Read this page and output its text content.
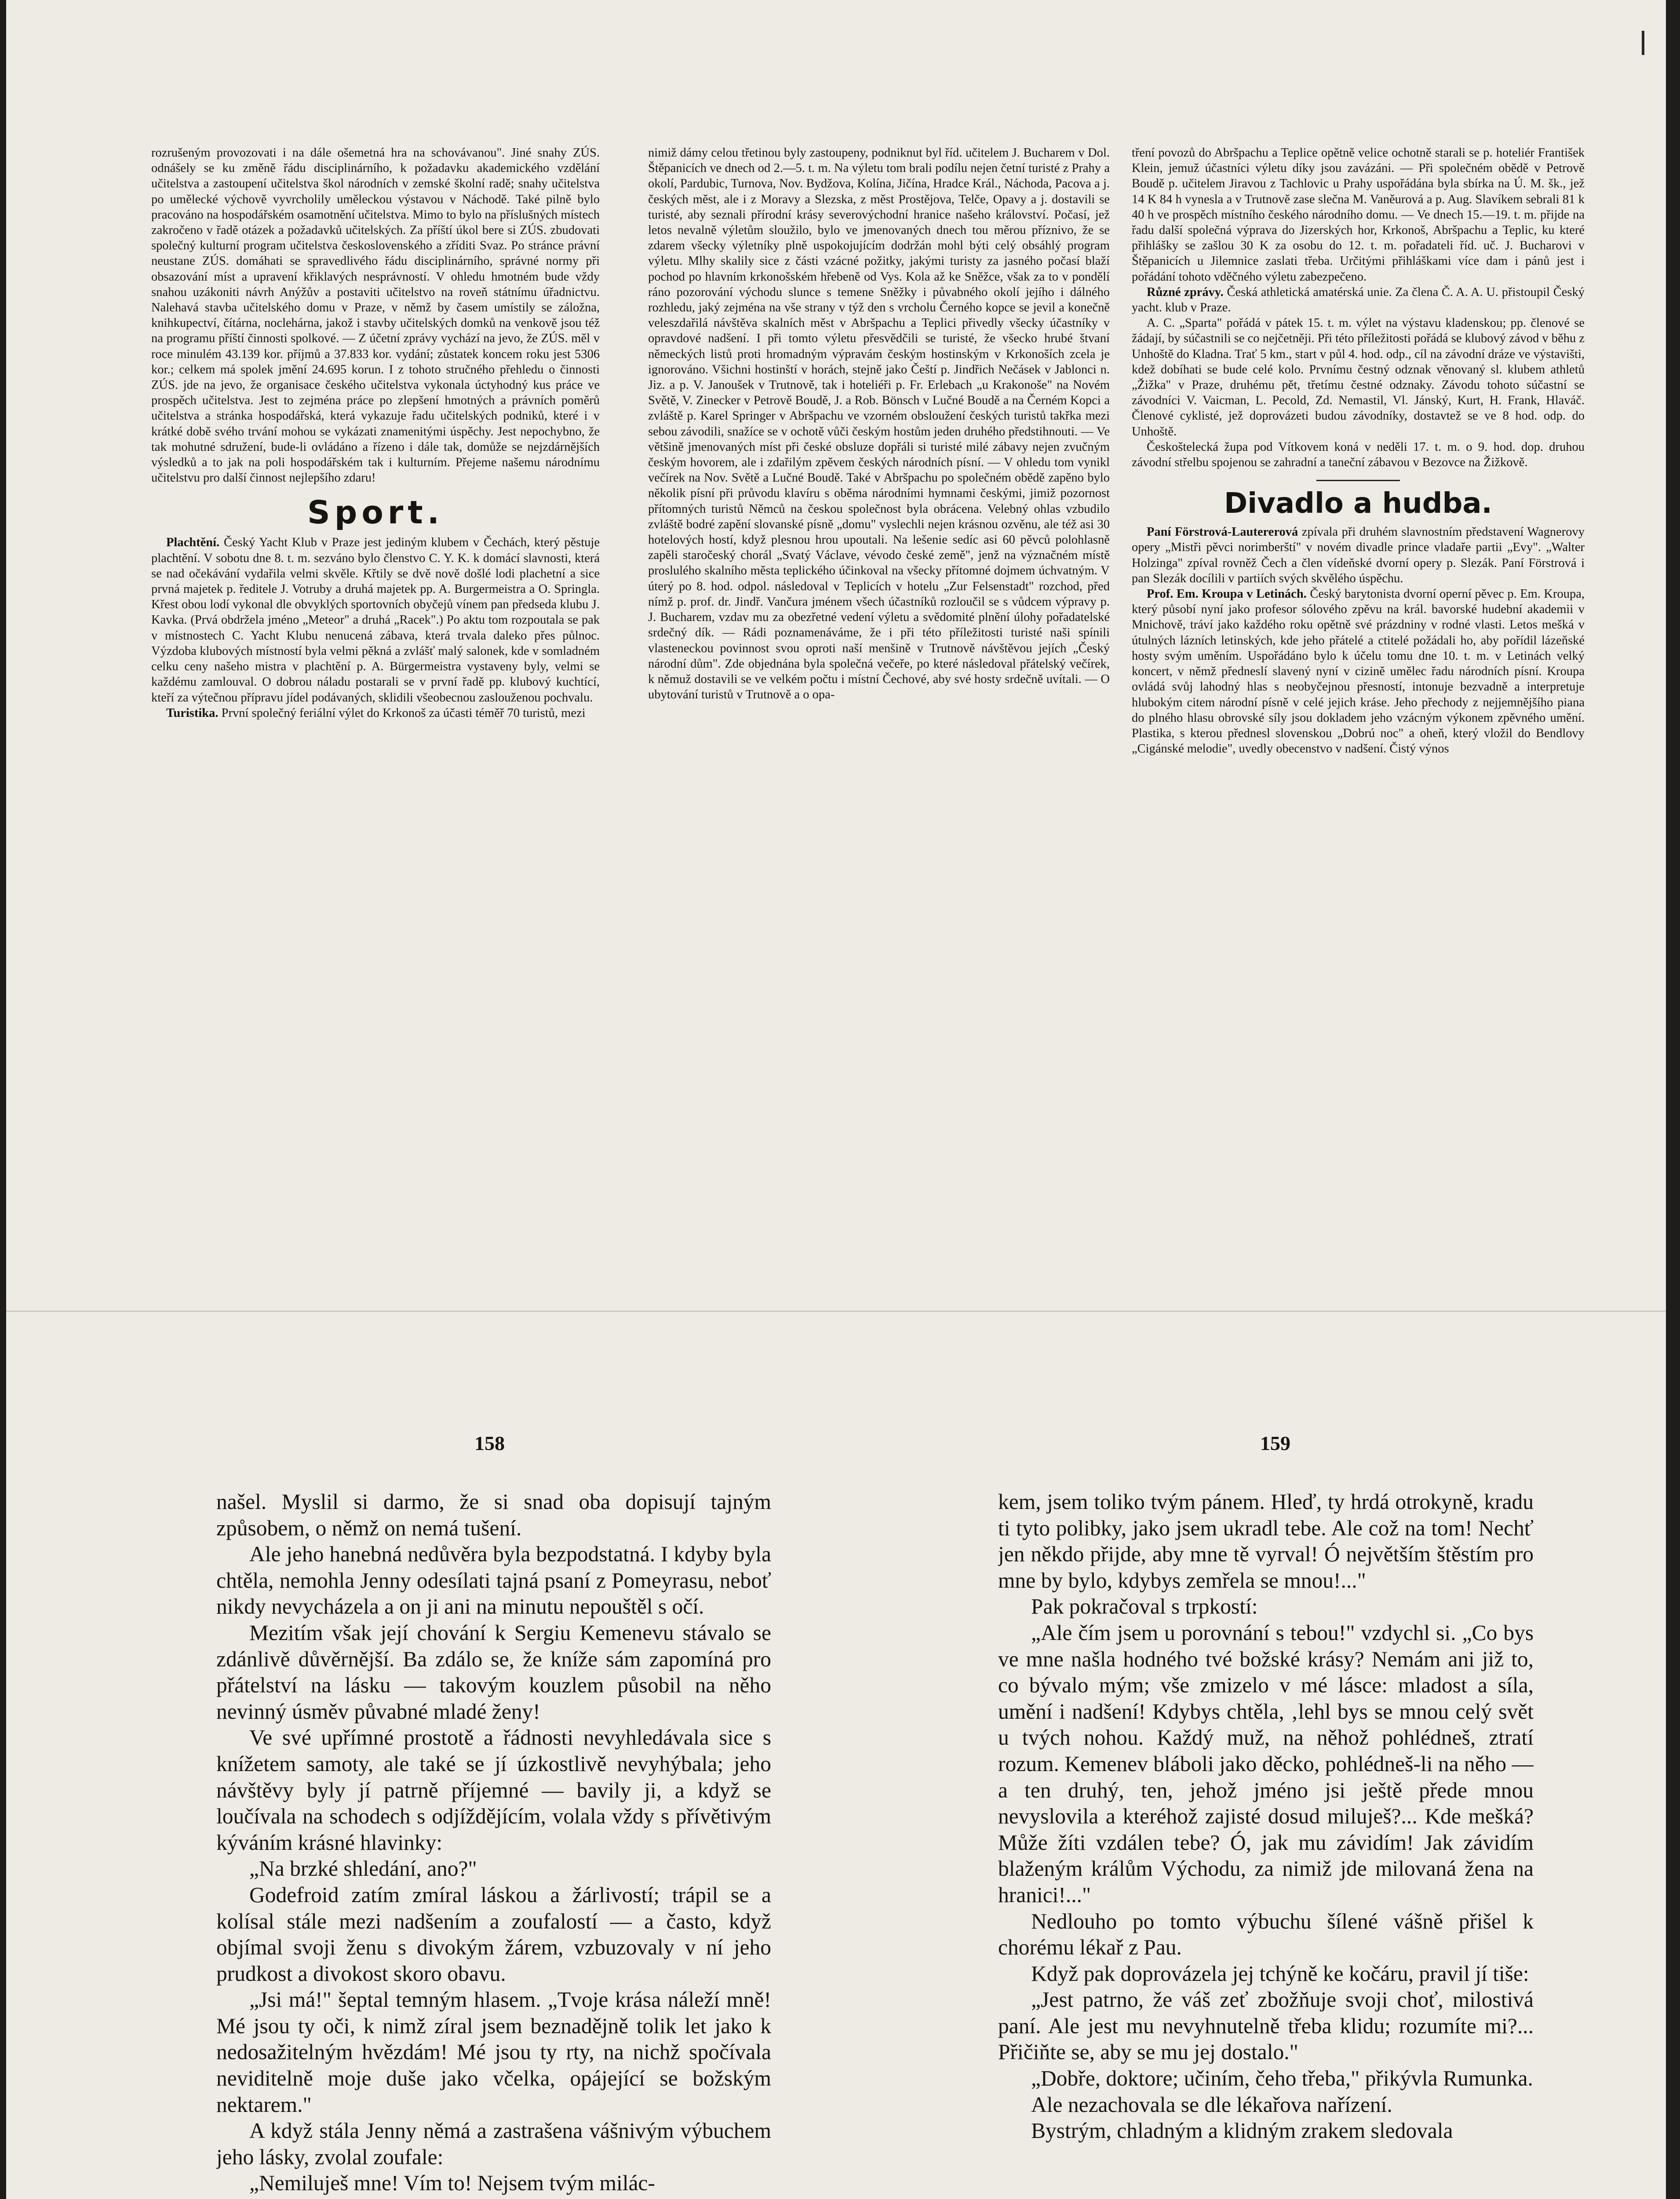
rozrušeným provozovati i na dále ošemetná hra na schovávanou". Jiné snahy ZÚS. odnášely se ku změně řádu disciplinárního, k požadavku akademického vzdělání učitelstva a zastoupení učitelstva škol národních v zemské školní radě; snahy učitelstva po umělecké výchově vyvrcholily uměleckou výstavou v Náchodě. Také pilně bylo pracováno na hospodářském osamotnění učitelstva. Mimo to bylo na příslušných místech zakročeno v řadě otázek a požadavků učitelských. Za příští úkol bere si ZÚS. zbudovati společný kulturní program učitelstva československého a zříditi Svaz. Po stránce právní neustane ZÚS. domáhati se spravedlivého řádu disciplinárního, správné normy při obsazování míst a upravení křiklavých nesprávností. V ohledu hmotném bude vždy snahou uzákoniti návrh Anýžův a postaviti učitelstvo na roveň státnímu úřadnictvu. Nalehavá stavba učitelského domu v Praze, v němž by časem umístily se záložna, knihkupectví, čítárna, noclehárna, jakož i stavby učitelských domků na venkově jsou též na programu příští činnosti spolkové. — Z účetní zprávy vychází na jevo, že ZÚS. měl v roce minulém 43.139 kor. příjmů a 37.833 kor. vydání; zůstatek koncem roku jest 5306 kor.; celkem má spolek jmění 24.695 korun. I z tohoto stručného přehledu o činnosti ZÚS. jde na jevo, že organisace českého učitelstva vykonala úctyhodný kus práce ve prospěch učitelstva. Jest to zejména práce po zlepšení hmotných a právních poměrů učitelstva a stránka hospodářská, která vykazuje řadu učitelských podniků, které i v krátké době svého trvání mohou se vykázati znamenitými úspěchy. Jest nepochybno, že tak mohutné sdružení, bude-li ovládáno a řízeno i dále tak, domůže se nejzdárnějších výsledků a to jak na poli hospodářském tak i kulturním. Přejeme našemu národnímu učitelstvu pro další činnost nejlepšího zdaru!

Sport.

Plachtění. Český Yacht Klub v Praze jest jediným klubem v Čechách, který pěstuje plachtění. V sobotu dne 8. t. m. sezváno bylo členstvo C. Y. K. k domácí slavnosti, která se nad očekávání vydařila velmi skvěle. Křtily se dvě nově došlé lodi plachetní a sice prvná majetek p. ředitele J. Votruby a druhá majetek pp. A. Burgermeistra a O. Springla. Křest obou lodí vykonal dle obvyklých sportovních obyčejů vínem pan předseda klubu J. Kavka. (Prvá obdržela jméno „Meteor" a druhá „Racek".) Po aktu tom rozpoutala se pak v místnostech C. Yacht Klubu nenucená zábava, která trvala daleko přes půlnoc. Výzdoba klubových místností byla velmi pěkná a zvlášť malý salonek, kde v somladném celku ceny našeho mistra v plachtění p. A. Bürgermeistra vystaveny byly, velmi se každému zamlouval. O dobrou náladu postarali se v první řadě pp. klubový kuchtící, kteří za výtečnou přípravu jídel podávaných, sklidili všeobecnou zaslouženou pochvalu.

Turistika. První společný feriální výlet do Krkonoš za účasti téměř 70 turistů, mezi

nimiž dámy celou třetinou byly zastoupeny, podniknut byl říd. učitelem J. Bucharem v Dol. Štěpanicích ve dnech od 2.—5. t. m. Na výletu tom brali podílu nejen četní turisté z Prahy a okolí, Pardubic, Turnova, Nov. Bydžova, Kolína, Jičína, Hradce Král., Náchoda, Pacova a j. českých měst, ale i z Moravy a Slezska, z měst Prostějova, Telče, Opavy a j. dostavili se turisté, aby seznali přírodní krásy severovýchodní hranice našeho království. Počasí, jež letos nevalně výletům sloužilo, bylo ve jmenovaných dnech tou měrou příznivo, že se zdarem všecky výletníky plně uspokojujícím dodržán mohl býti celý obsáhlý program výletu. Mlhy skalily sice z části vzácné požitky, jakými turisty za jasného počasí blaží pochod po hlavním krkonošském hřebeně od Vys. Kola až ke Sněžce, však za to v pondělí ráno pozorování východu slunce s temene Sněžky i půvabného okolí jejího i dálného rozhledu, jaký zejména na vše strany v týž den s vrcholu Černého kopce se jevil a konečně veleszdařilá návštěva skalních měst v Abršpachu a Teplici přivedly všecky účastníky v opravdové nadšení. I při tomto výletu přesvědčili se turisté, že všecko hrubé štvaní německých listů proti hromadným výpravám českým hostinským v Krkonoších zcela je ignorováno. Všichni hostinští v horách, stejně jako Čeští p. Jindřich Nečásek v Jablonci n. Jiz. a p. V. Janoušek v Trutnově, tak i hoteliéři p. Fr. Erlebach „u Krakonoše" na Novém Světě, V. Zinecker v Petrově Boudě, J. a Rob. Bönsch v Lučné Boudě a na Černém Kopci a zvláště p. Karel Springer v Abršpachu ve vzorném obsloužení českých turistů takřka mezi sebou závodili, snažíce se v ochotě vůči českým hostům jeden druhého předstihnouti. — Ve většině jmenovaných míst při české obsluze dopřáli si turisté milé zábavy nejen zvučným českým hovorem, ale i zdařilým zpěvem českých národních písní. — V ohledu tom vynikl večírek na Nov. Světě a Lučné Boudě. Také v Abršpachu po společném obědě zapěno bylo několik písní při průvodu klavíru s oběma národními hymnami českými, jimiž pozornost přítomných turistů Němců na českou společnost byla obrácena. Velebný ohlas vzbudilo zvláště bodré zapění slovanské písně „domu" vyslechli nejen krásnou ozvěnu, ale též asi 30 hotelových hostí, když plesnou hrou upoutali. Na lešenie sedíc asi 60 pěvců polohlasně zapěli staročeský chorál „Svatý Václave, vévodo české země", jenž na význačném místě proslulého skalního města teplického účinkoval na všecky přítomné dojmem úchvatným. V úterý po 8. hod. odpol. následoval v Teplicích v hotelu „Zur Felsenstadt" rozchod, před nímž p. prof. dr. Jindř. Vančura jménem všech účastníků rozloučil se s vůdcem výpravy p. J. Bucharem, vzdav mu za obezřetné vedení výletu a svědomité plnění úlohy pořadatelské srdečný dík. — Rádi poznamenáváme, že i při této příležitosti turisté naši spínili vlasteneckou povinnost svou oproti naší menšině v Trutnově návštěvou jejích „Český národní dům". Zde objednána byla společná večeře, po které následoval přátelský večírek, k němuž dostavili se ve velkém počtu i místní Čechové, aby své hosty srdečně uvítali. — O ubytování turistů v Trutnově a o opa-

tření povozů do Abršpachu a Teplice opětně velice ochotně starali se p. hoteliér František Klein, jemuž účastníci výletu díky jsou zavázáni. — Při společném obědě v Petrově Boudě p. učitelem Jiravou z Tachlovic u Prahy uspořádána byla sbírka na Ú. M. šk., jež 14 K 84 h vynesla a v Trutnově zase slečna M. Vaněurová a p. Aug. Slavíkem sebrali 81 k 40 h ve prospěch místního českého národního domu. — Ve dnech 15.—19. t. m. přijde na řadu další společná výprava do Jizerských hor, Krkonoš, Abršpachu a Teplic, ku které přihlášky se zašlou 30 K za osobu do 12. t. m. pořadateli říd. uč. J. Bucharovi v Štěpanicích u Jilemnice zaslati třeba. Určitými přihláškami více dam i pánů jest i pořádání tohoto vděčného výletu zabezpečeno.

Různé zprávy. Česká athletická amatérská unie. Za člena Č. A. A. U. přistoupil Český yacht. klub v Praze.

A. C. „Sparta" pořádá v pátek 15. t. m. výlet na výstavu kladenskou; pp. členové se žádají, by súčastnili se co nejčetněji. Při této příležitosti pořádá se klubový závod v běhu z Unhoště do Kladna. Trať 5 km., start v půl 4. hod. odp., cíl na závodní dráze ve výstavišti, kdež dobíhati se bude celé kolo. Prvnímu čestný odznak věnovaný sl. klubem athletů „Žižka" v Praze, druhému pět, třetímu čestné odznaky. Závodu tohoto súčastní se závodníci V. Vaicman, L. Pecold, Zd. Nemastil, Vl. Jánský, Kurt, H. Frank, Hlaváč. Členové cyklisté, jež doprovázeti budou závodníky, dostavtež se ve 8 hod. odp. do Unhoště.

Českoštelecká župa pod Vítkovem koná v neděli 17. t. m. o 9. hod. dop. druhou závodní střelbu spojenou se zahradní a taneční zábavou v Bezovce na Žižkově.

Divadlo a hudba.

Paní Förstrová-Lautererová zpívala při druhém slavnostním představení Wagnerovy opery „Mistři pěvci norimberští" v novém divadle prince vladaře partii „Evy". „Walter Holzinga" zpíval rovněž Čech a člen vídeňské dvorní opery p. Slezák. Paní Förstrová i pan Slezák docílili v partiích svých skvělého úspěchu.

Prof. Em. Kroupa v Letinách. Český barytonista dvorní operní pěvec p. Em. Kroupa, který působí nyní jako profesor sólového zpěvu na král. bavorské hudební akademii v Mnichově, tráví jako každého roku opětně své prázdniny v rodné vlasti. Letos mešká v útulných lázních letinských, kde jeho přátelé a ctitelé požádali ho, aby pořídil lázeňské hosty svým uměním. Uspořádáno bylo k účelu tomu dne 10. t. m. v Letinách velký koncert, v němž předneslí slavený nyní v cizině umělec řadu národních písní. Kroupa ovládá svůj lahodný hlas s neobyčejnou přesností, intonuje bezvadně a interpretuje hlubokým citem národní písně v celé jejich kráse. Jeho přechody z nejjemnějšího piana do plného hlasu obrovské síly jsou dokladem jeho vzácným výkonem zpěvného umění. Plastika, s kterou přednesl slovenskou „Dobrú noc" a oheň, který vložil do Bendlovy „Cigánské melodie", uvedly obecenstvo v nadšení. Čistý výnos

158	159

našel. Myslil si darmo, že si snad oba dopisují tajným způsobem, o němž on nemá tušení.

Ale jeho hanebná nedůvěra byla bezpodstatná. I kdyby byla chtěla, nemohla Jenny odesílati tajná psaní z Pomeyrasu, neboť nikdy nevycházela a on ji ani na minutu nepouštěl s očí.

Mezitím však její chování k Sergiu Kemenevu stávalo se zdánlivě důvěrnější. Ba zdálo se, že kníže sám zapomíná pro přátelství na lásku — takovým kouzlem působil na něho nevinný úsměv půvabné mladé ženy!

Ve své upřímné prostotě a řádnosti nevyhledávala sice s knížetem samoty, ale také se jí úzkostlivě nevyhýbala; jeho návštěvy byly jí patrně příjemné — bavily ji, a když se loučívala na schodech s odjíždějícím, volala vždy s přívětivým kýváním krásné hlavinky:

„Na brzké shledání, ano?"

Godefroid zatím zmíral láskou a žárlivostí; trápil se a kolísal stále mezi nadšením a zoufalostí — a často, když objímal svoji ženu s divokým žárem, vzbuzovaly v ní jeho prudkost a divokost skoro obavu.

„Jsi má!" šeptal temným hlasem. „Tvoje krása náleží mně! Mé jsou ty oči, k nimž zíral jsem beznadějně tolik let jako k nedosažitelným hvězdám! Mé jsou ty rty, na nichž spočívala neviditelně moje duše jako včelka, opájející se božským nektarem."

A když stála Jenny němá a zastrašena vášnivým výbuchem jeho lásky, zvolal zoufale:

„Nemiluješ mne! Vím to! Nejsem tvým milác-

kem, jsem toliko tvým pánem. Hleď, ty hrdá otrokyně, kradu ti tyto polibky, jako jsem ukradl tebe. Ale což na tom! Nechť jen někdo přijde, aby mne tě vyrval! Ó největším štěstím pro mne by bylo, kdybys zemřela se mnou!..."

Pak pokračoval s trpkostí:

„Ale čím jsem u porovnání s tebou!" vzdychl si. „Co bys ve mne našla hodného tvé božské krásy? Nemám ani již to, co bývalo mým; vše zmizelo v mé lásce: mladost a síla, umění i nadšení! Kdybys chtěla, ‚lehl bys se mnou celý svět u tvých nohou. Každý muž, na něhož pohlédneš, ztratí rozum. Kemenev bláboli jako děcko, pohlédneš-li na něho — a ten druhý, ten, jehož jméno jsi ještě přede mnou nevyslovila a kteréhož zajisté dosud miluješ?... Kde mešká? Může žíti vzdálen tebe? Ó, jak mu závidím! Jak závidím blaženým králům Východu, za nimiž jde milovaná žena na hranici!..."

Nedlouho po tomto výbuchu šílené vášně přišel k chorému lékař z Pau.

Když pak doprovázela jej tchýně ke kočáru, pravil jí tiše:

„Jest patrno, že váš zeť zbožňuje svoji choť, milostivá paní. Ale jest mu nevyhnutelně třeba klidu; rozumíte mi?... Přičiňte se, aby se mu jej dostalo."

„Dobře, doktore; učiním, čeho třeba," přikývla Rumunka.

Ale nezachovala se dle lékařova nařízení.

Bystrým, chladným a klidným zrakem sledovala
